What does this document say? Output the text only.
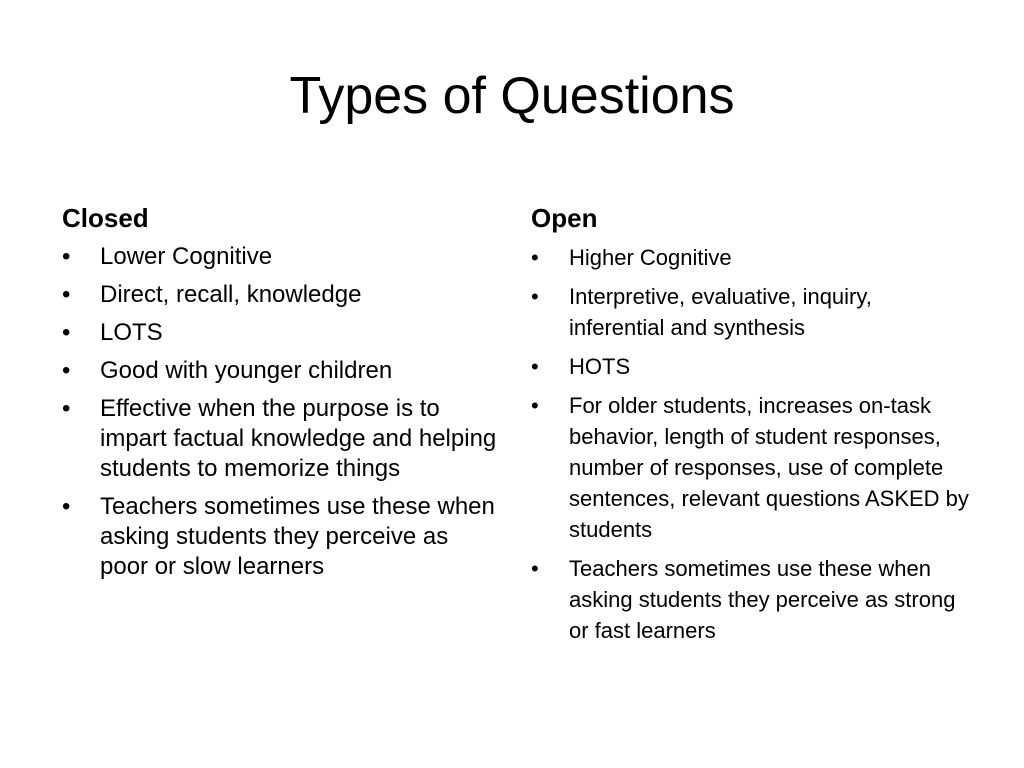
Types of Questions
Closed
•	Lower Cognitive
•	Direct, recall, knowledge
•	LOTS
•	Good with younger children
•	Effective when the purpose is to impart factual knowledge and helping students to memorize things
•	Teachers sometimes use these when asking students they perceive as poor or slow learners
Open
•	Higher Cognitive
•	Interpretive, evaluative, inquiry, inferential and synthesis
•	HOTS
•	For older students, increases on-task behavior, length of student responses, number of responses, use of complete sentences, relevant questions ASKED by students
•	Teachers sometimes use these when asking students they perceive as strong or fast learners
